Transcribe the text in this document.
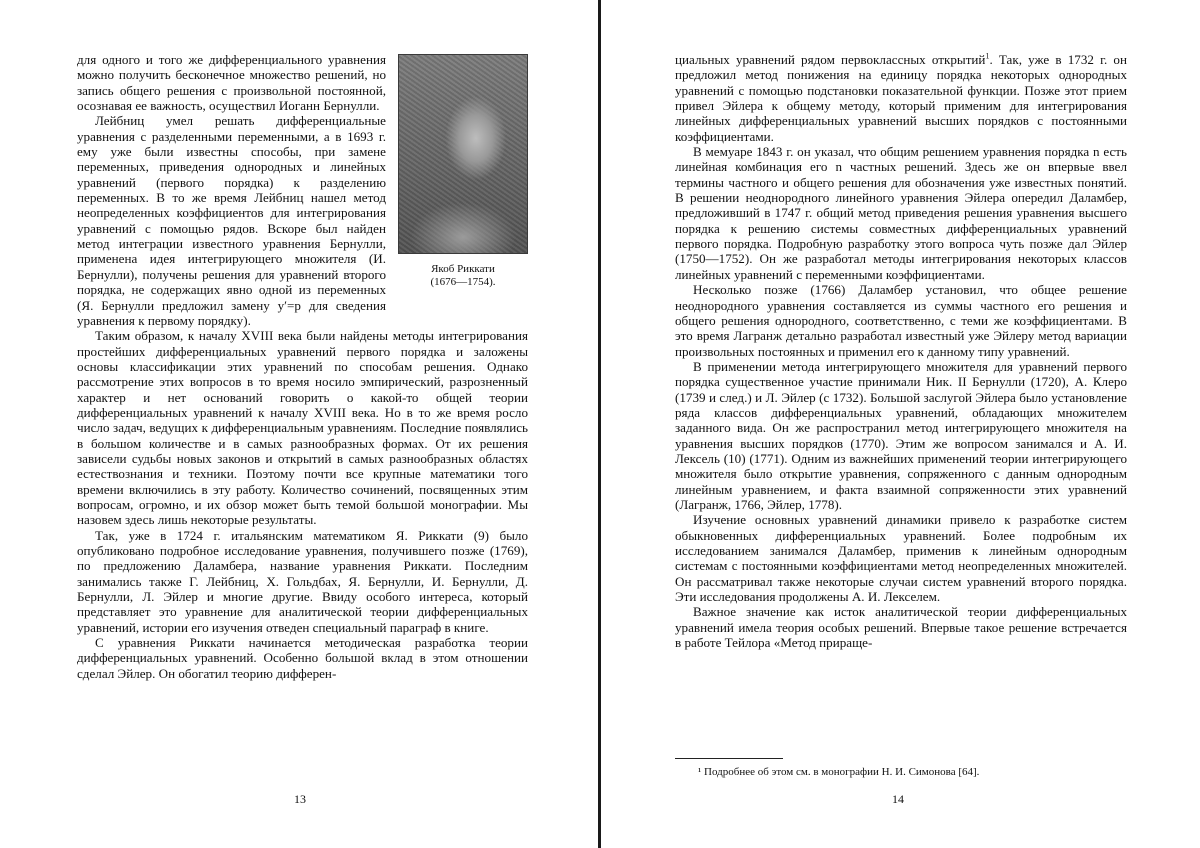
Якоб Риккати
(1676—1754).

для одного и того же дифференциального уравнения можно получить бесконечное множество решений, но запись общего решения с произвольной постоянной, осознавая ее важность, осуществил Иоганн Бернулли.

Лейбниц умел решать дифференциальные уравнения с разделенными переменными, а в 1693 г. ему уже были известны способы, при замене переменных, приведения однородных и линейных уравнений (первого порядка) к разделению переменных. В то же время Лейбниц нашел метод неопределенных коэффициентов для интегрирования уравнений с помощью рядов. Вскоре был найден метод интеграции известного уравнения Бернулли, применена идея интегрирующего множителя (И. Бернулли), получены решения для уравнений второго порядка, не содержащих явно одной из переменных (Я. Бернулли предложил замену y′=p для сведения уравнения к первому порядку).

Таким образом, к началу XVIII века были найдены методы интегрирования простейших дифференциальных уравнений первого порядка и заложены основы классификации этих уравнений по способам решения. Однако рассмотрение этих вопросов в то время носило эмпирический, разрозненный характер и нет оснований говорить о какой-то общей теории дифференциальных уравнений к началу XVIII века. Но в то же время росло число задач, ведущих к дифференциальным уравнениям. Последние появлялись в большом количестве и в самых разнообразных формах. От их решения зависели судьбы новых законов и открытий в самых разнообразных областях естествознания и техники. Поэтому почти все крупные математики того времени включились в эту работу. Количество сочинений, посвященных этим вопросам, огромно, и их обзор может быть темой большой монографии. Мы назовем здесь лишь некоторые результаты.

Так, уже в 1724 г. итальянским математиком Я. Риккати (9) было опубликовано подробное исследование уравнения, получившего позже (1769), по предложению Даламбера, название уравнения Риккати. Последним занимались также Г. Лейбниц, Х. Гольдбах, Я. Бернулли, И. Бернулли, Д. Бернулли, Л. Эйлер и многие другие. Ввиду особого интереса, который представляет это уравнение для аналитической теории дифференциальных уравнений, истории его изучения отведен специальный параграф в книге.

С уравнения Риккати начинается методическая разработка теории дифференциальных уравнений. Особенно большой вклад в этом отношении сделал Эйлер. Он обогатил теорию дифферен-

13

циальных уравнений рядом первоклассных открытий$^1$. Так, уже в 1732 г. он предложил метод понижения на единицу порядка некоторых однородных уравнений с помощью подстановки показательной функции. Позже этот прием привел Эйлера к общему методу, который применим для интегрирования линейных дифференциальных уравнений высших порядков с постоянными коэффициентами.

В мемуаре 1843 г. он указал, что общим решением уравнения порядка n есть линейная комбинация его n частных решений. Здесь же он впервые ввел термины частного и общего решения для обозначения уже известных понятий. В решении неоднородного линейного уравнения Эйлера опередил Даламбер, предложивший в 1747 г. общий метод приведения решения уравнения высшего порядка к решению системы совместных дифференциальных уравнений первого порядка. Подробную разработку этого вопроса чуть позже дал Эйлер (1750—1752). Он же разработал методы интегрирования некоторых классов линейных уравнений с переменными коэффициентами.

Несколько позже (1766) Даламбер установил, что общее решение неоднородного уравнения составляется из суммы частного его решения и общего решения однородного, соответственно, с теми же коэффициентами. В это время Лагранж детально разработал известный уже Эйлеру метод вариации произвольных постоянных и применил его к данному типу уравнений.

В применении метода интегрирующего множителя для уравнений первого порядка существенное участие принимали Ник. II Бернулли (1720), А. Клеро (1739 и след.) и Л. Эйлер (с 1732). Большой заслугой Эйлера было установление ряда классов дифференциальных уравнений, обладающих множителем заданного вида. Он же распространил метод интегрирующего множителя на уравнения высших порядков (1770). Этим же вопросом занимался и А. И. Лексель (10) (1771). Одним из важнейших применений теории интегрирующего множителя было открытие уравнения, сопряженного с данным однородным линейным уравнением, и факта взаимной сопряженности этих уравнений (Лагранж, 1766, Эйлер, 1778).

Изучение основных уравнений динамики привело к разработке систем обыкновенных дифференциальных уравнений. Более подробным их исследованием занимался Даламбер, применив к линейным однородным системам с постоянными коэффициентами метод неопределенных множителей. Он рассматривал также некоторые случаи систем уравнений второго порядка. Эти исследования продолжены А. И. Лекселем.

Важное значение как исток аналитической теории дифференциальных уравнений имела теория особых решений. Впервые такое решение встречается в работе Тейлора «Метод прираще-

¹ Подробнее об этом см. в монографии Н. И. Симонова [64].
14
